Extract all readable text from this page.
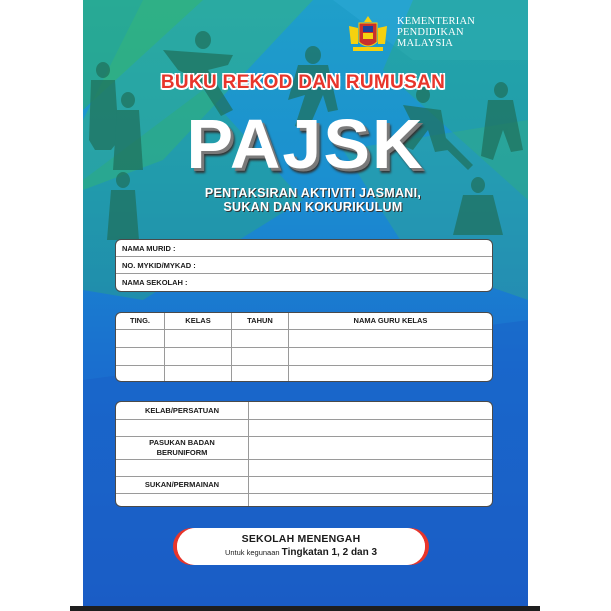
KEMENTERIAN
PENDIDIKAN
MALAYSIA
BUKU REKOD DAN RUMUSAN
PAJSK
PENTAKSIRAN AKTIVITI JASMANI,
SUKAN DAN KOKURIKULUM
NAMA MURID :
NO. MYKID/MYKAD :
NAMA SEKOLAH :
TING.	KELAS	TAHUN	NAMA GURU KELAS

KELAB/PERSATUAN	

PASUKAN BADAN BERUNIFORM	

SUKAN/PERMAINAN	

SEKOLAH MENENGAH
Untuk kegunaan Tingkatan 1, 2 dan 3
